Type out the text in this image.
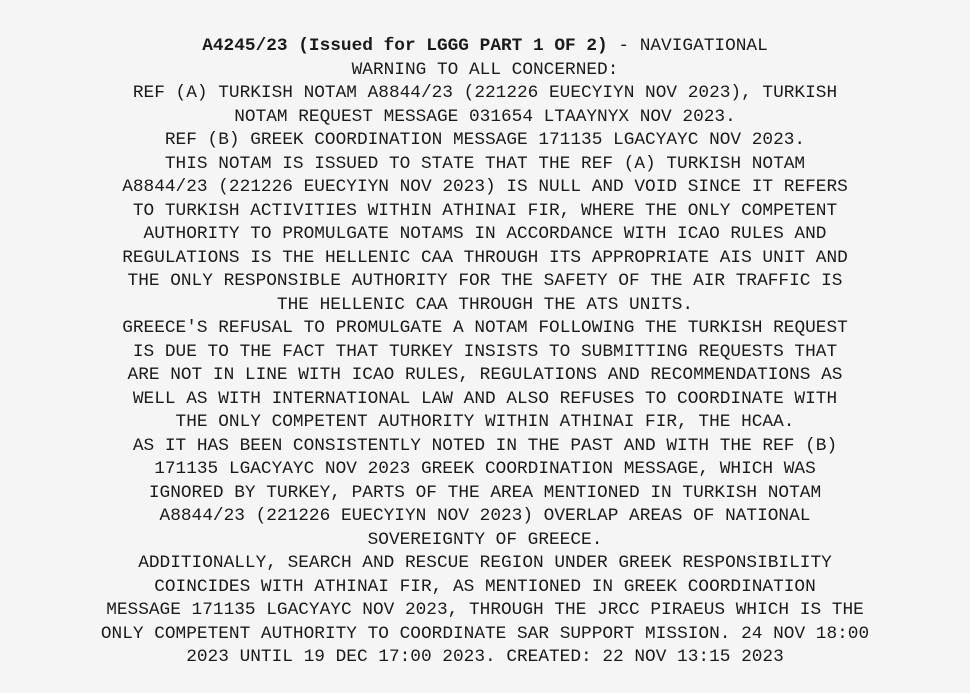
A4245/23 (Issued for LGGG PART 1 OF 2) - NAVIGATIONAL
WARNING TO ALL CONCERNED:
REF (A) TURKISH NOTAM A8844/23 (221226 EUECYIYN NOV 2023), TURKISH
NOTAM REQUEST MESSAGE 031654 LTAAYNYX NOV 2023.
REF (B) GREEK COORDINATION MESSAGE 171135 LGACYAYC NOV 2023.
THIS NOTAM IS ISSUED TO STATE THAT THE REF (A) TURKISH NOTAM
A8844/23 (221226 EUECYIYN NOV 2023) IS NULL AND VOID SINCE IT REFERS
TO TURKISH ACTIVITIES WITHIN ATHINAI FIR, WHERE THE ONLY COMPETENT
AUTHORITY TO PROMULGATE NOTAMS IN ACCORDANCE WITH ICAO RULES AND
REGULATIONS IS THE HELLENIC CAA THROUGH ITS APPROPRIATE AIS UNIT AND
THE ONLY RESPONSIBLE AUTHORITY FOR THE SAFETY OF THE AIR TRAFFIC IS
THE HELLENIC CAA THROUGH THE ATS UNITS.
GREECE'S REFUSAL TO PROMULGATE A NOTAM FOLLOWING THE TURKISH REQUEST
IS DUE TO THE FACT THAT TURKEY INSISTS TO SUBMITTING REQUESTS THAT
ARE NOT IN LINE WITH ICAO RULES, REGULATIONS AND RECOMMENDATIONS AS
WELL AS WITH INTERNATIONAL LAW AND ALSO REFUSES TO COORDINATE WITH
THE ONLY COMPETENT AUTHORITY WITHIN ATHINAI FIR, THE HCAA.
AS IT HAS BEEN CONSISTENTLY NOTED IN THE PAST AND WITH THE REF (B)
171135 LGACYAYC NOV 2023 GREEK COORDINATION MESSAGE, WHICH WAS
IGNORED BY TURKEY, PARTS OF THE AREA MENTIONED IN TURKISH NOTAM
A8844/23 (221226 EUECYIYN NOV 2023) OVERLAP AREAS OF NATIONAL
SOVEREIGNTY OF GREECE.
ADDITIONALLY, SEARCH AND RESCUE REGION UNDER GREEK RESPONSIBILITY
COINCIDES WITH ATHINAI FIR, AS MENTIONED IN GREEK COORDINATION
MESSAGE 171135 LGACYAYC NOV 2023, THROUGH THE JRCC PIRAEUS WHICH IS THE
ONLY COMPETENT AUTHORITY TO COORDINATE SAR SUPPORT MISSION. 24 NOV 18:00
2023 UNTIL 19 DEC 17:00 2023. CREATED: 22 NOV 13:15 2023
